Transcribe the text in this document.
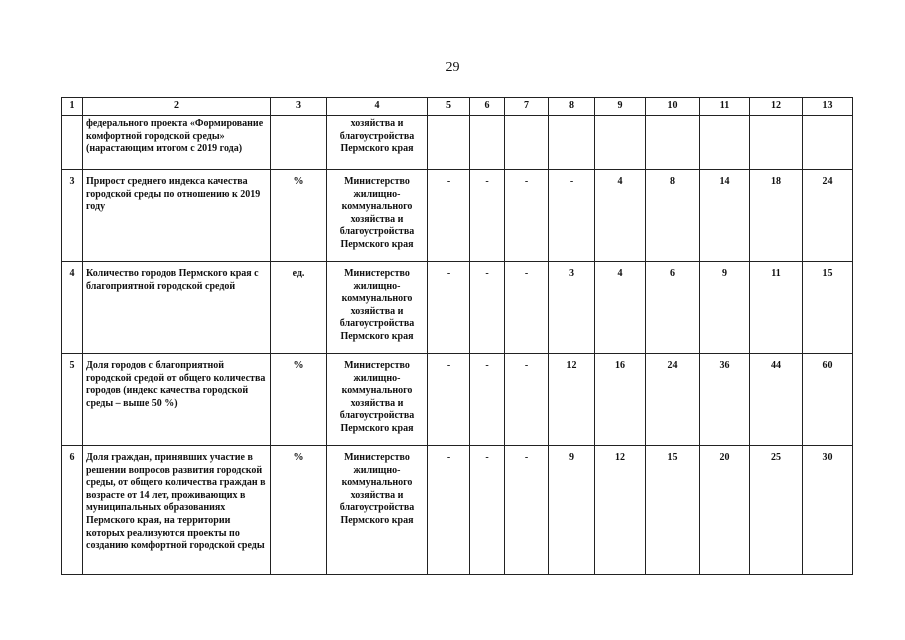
29
1	2	3	4	5	6	7	8	9	10	11	12	13
	федерального проекта «Формирование комфортной городской среды» (нарастающим итогом с 2019 года)		хозяйства и благоустройства Пермского края									
3	Прирост среднего индекса качества городской среды по отношению к 2019 году	%	Министерство жилищно-коммунального хозяйства и благоустройства Пермского края	-	-	-	-	4	8	14	18	24
4	Количество городов Пермского края с благоприятной городской средой	ед.	Министерство жилищно-коммунального хозяйства и благоустройства Пермского края	-	-	-	3	4	6	9	11	15
5	Доля городов с благоприятной городской средой от общего количества городов (индекс качества городской среды – выше 50 %)	%	Министерство жилищно-коммунального хозяйства и благоустройства Пермского края	-	-	-	12	16	24	36	44	60
6	Доля граждан, принявших участие в решении вопросов развития городской среды, от общего количества граждан в возрасте от 14 лет, проживающих в муниципальных образованиях Пермского края, на территории которых реализуются проекты по созданию комфортной городской среды	%	Министерство жилищно-коммунального хозяйства и благоустройства Пермского края	-	-	-	9	12	15	20	25	30
